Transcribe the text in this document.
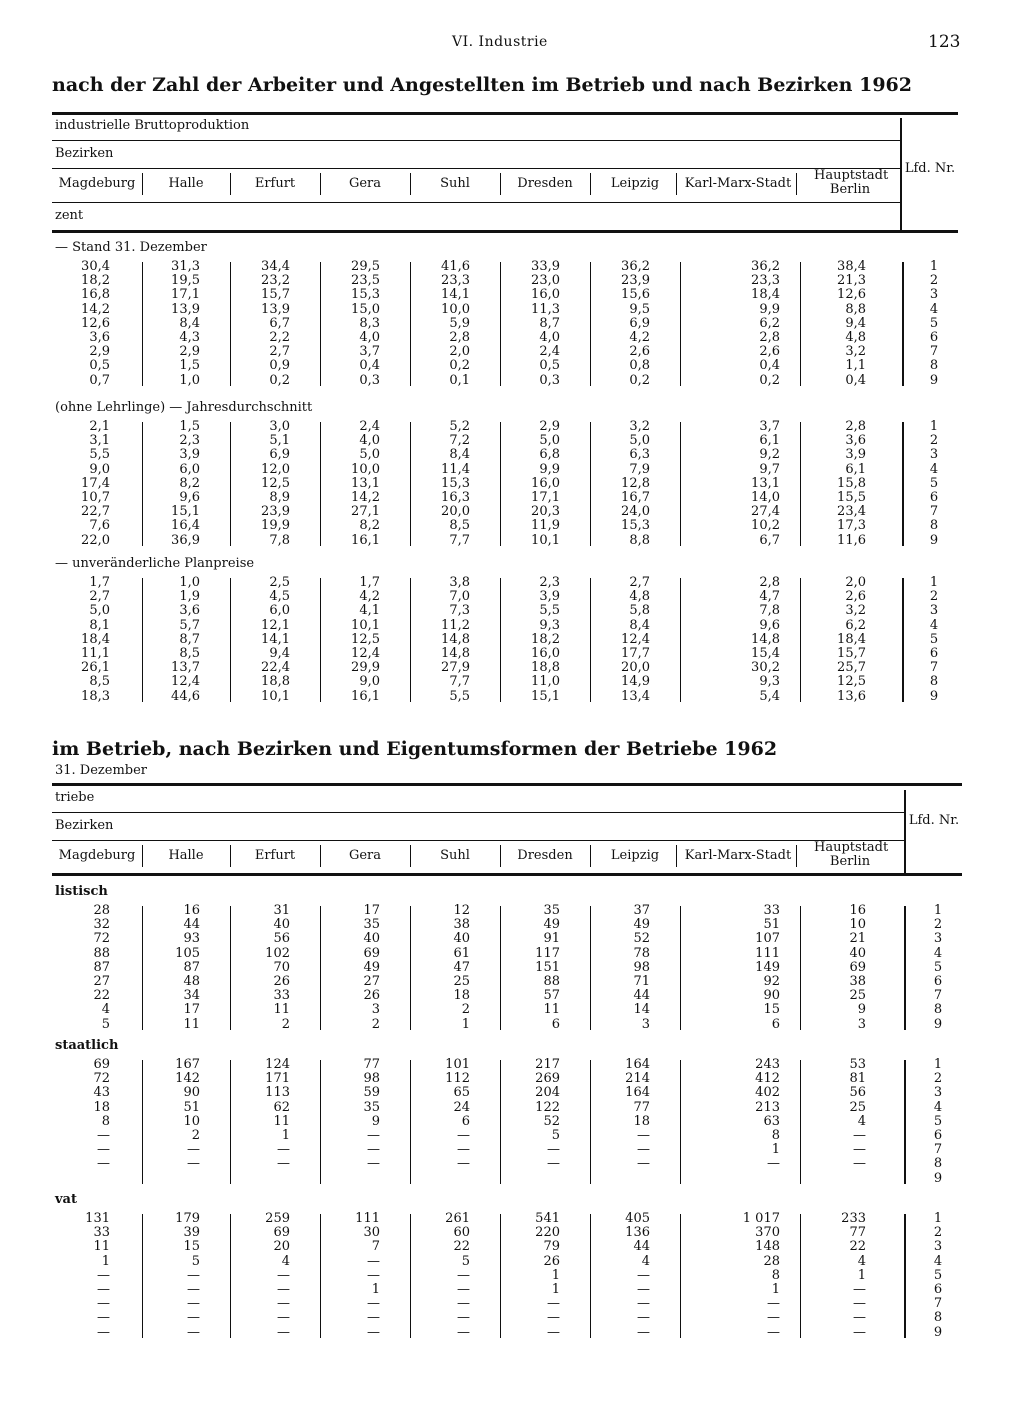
VI. Industrie	123
nach der Zahl der Arbeiter und Angestellten im Betrieb und nach Bezirken 1962
industrielle Bruttoproduktion
Bezirken
Magdeburg	Halle	Erfurt	Gera	Suhl	Dresden	Leipzig	Karl-Marx-Stadt
Hauptstadt Berlin
Lfd. Nr.
zent
— Stand 31. Dezember
30,4	31,3	34,4	29,5	41,6	33,9	36,2	36,2	38,4	1
18,2	19,5	23,2	23,5	23,3	23,0	23,9	23,3	21,3	2
16,8	17,1	15,7	15,3	14,1	16,0	15,6	18,4	12,6	3
14,2	13,9	13,9	15,0	10,0	11,3	9,5	9,9	8,8	4
12,6	8,4	6,7	8,3	5,9	8,7	6,9	6,2	9,4	5
3,6	4,3	2,2	4,0	2,8	4,0	4,2	2,8	4,8	6
2,9	2,9	2,7	3,7	2,0	2,4	2,6	2,6	3,2	7
0,5	1,5	0,9	0,4	0,2	0,5	0,8	0,4	1,1	8
0,7	1,0	0,2	0,3	0,1	0,3	0,2	0,2	0,4	9
(ohne Lehrlinge) — Jahresdurchschnitt
2,1	1,5	3,0	2,4	5,2	2,9	3,2	3,7	2,8	1
3,1	2,3	5,1	4,0	7,2	5,0	5,0	6,1	3,6	2
5,5	3,9	6,9	5,0	8,4	6,8	6,3	9,2	3,9	3
9,0	6,0	12,0	10,0	11,4	9,9	7,9	9,7	6,1	4
17,4	8,2	12,5	13,1	15,3	16,0	12,8	13,1	15,8	5
10,7	9,6	8,9	14,2	16,3	17,1	16,7	14,0	15,5	6
22,7	15,1	23,9	27,1	20,0	20,3	24,0	27,4	23,4	7
7,6	16,4	19,9	8,2	8,5	11,9	15,3	10,2	17,3	8
22,0	36,9	7,8	16,1	7,7	10,1	8,8	6,7	11,6	9
— unveränderliche Planpreise
1,7	1,0	2,5	1,7	3,8	2,3	2,7	2,8	2,0	1
2,7	1,9	4,5	4,2	7,0	3,9	4,8	4,7	2,6	2
5,0	3,6	6,0	4,1	7,3	5,5	5,8	7,8	3,2	3
8,1	5,7	12,1	10,1	11,2	9,3	8,4	9,6	6,2	4
18,4	8,7	14,1	12,5	14,8	18,2	12,4	14,8	18,4	5
11,1	8,5	9,4	12,4	14,8	16,0	17,7	15,4	15,7	6
26,1	13,7	22,4	29,9	27,9	18,8	20,0	30,2	25,7	7
8,5	12,4	18,8	9,0	7,7	11,0	14,9	9,3	12,5	8
18,3	44,6	10,1	16,1	5,5	15,1	13,4	5,4	13,6	9
im Betrieb, nach Bezirken und Eigentumsformen der Betriebe 1962
31. Dezember
triebe
Bezirken
Magdeburg	Halle	Erfurt	Gera	Suhl	Dresden	Leipzig	Karl-Marx-Stadt
Hauptstadt Berlin
Lfd. Nr.
listisch
28	16	31	17	12	35	37	33	16	1
32	44	40	35	38	49	49	51	10	2
72	93	56	40	40	91	52	107	21	3
88	105	102	69	61	117	78	111	40	4
87	87	70	49	47	151	98	149	69	5
27	48	26	27	25	88	71	92	38	6
22	34	33	26	18	57	44	90	25	7
4	17	11	3	2	11	14	15	9	8
5	11	2	2	1	6	3	6	3	9
staatlich
69	167	124	77	101	217	164	243	53	1
72	142	171	98	112	269	214	412	81	2
43	90	113	59	65	204	164	402	56	3
18	51	62	35	24	122	77	213	25	4
8	10	11	9	6	52	18	63	4	5
—	2	1	—	—	5	—	8	—	6
—	—	—	—	—	—	—	1	—	7
—	—	—	—	—	—	—	—	—	8
9
vat
131	179	259	111	261	541	405	1 017	233	1
33	39	69	30	60	220	136	370	77	2
11	15	20	7	22	79	44	148	22	3
1	5	4	—	5	26	4	28	4	4
—	—	—	—	—	1	—	8	1	5
—	—	—	1	—	1	—	1	—	6
—	—	—	—	—	—	—	—	—	7
—	—	—	—	—	—	—	—	—	8
—	—	—	—	—	—	—	—	—	9
